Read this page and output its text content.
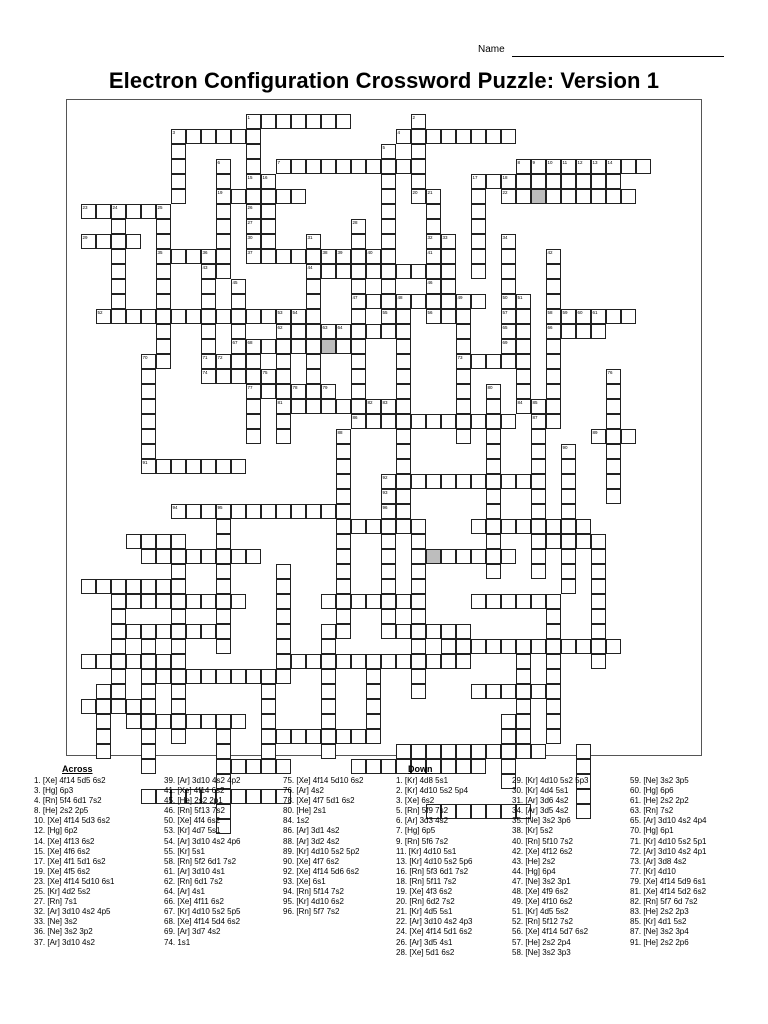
Name
Electron Configuration Crossword Puzzle: Version 1
1	2
3	4
5
6	7	8	9	10 11 12 13 14
15 16	17	18
19	20 21	22
23	24	25	26
27	28
29	30	31	32 33	34
35	36	37	38 39	40	41	42
43	44
45	46
47	48	49	50 51
52	53 54	55	56	57	58 59 60 61
62	63 64	65	66
67 68	69
70	71 72	73
74	75	76
77	78	79	80
81	82 83	84 85
86	87
88	89
90
91
92
93
94	95	96
Across	Down
1. [Xe] 4f14 5d5 6s2
3. [Hg] 6p3
4. [Rn] 5f4 6d1 7s2
8. [He] 2s2 2p5
10. [Xe] 4f14 5d3 6s2
12. [Hg] 6p2
14. [Xe] 4f13 6s2
15. [Xe] 4f6 6s2
17. [Xe] 4f1 5d1 6s2
19. [Xe] 4f5 6s2
23. [Xe] 4f14 5d10 6s1
25. [Kr] 4d2 5s2
27. [Rn] 7s1
32. [Ar] 3d10 4s2 4p5
33. [Ne] 3s2
36. [Ne] 3s2 3p2
37. [Ar] 3d10 4s2
39. [Ar] 3d10 4s2 4p2
41. [Xe] 4f14 6s2
45. [He] 2s2 2p1
46. [Rn] 5f13 7s2
50. [Xe] 4f4 6s2
53. [Kr] 4d7 5s1
54. [Ar] 3d10 4s2 4p6
55. [Kr] 5s1
58. [Rn] 5f2 6d1 7s2
61. [Ar] 3d10 4s1
62. [Rn] 6d1 7s2
64. [Ar] 4s1
66. [Xe] 4f11 6s2
67. [Kr] 4d10 5s2 5p5
68. [Xe] 4f14 5d4 6s2
69. [Ar] 3d7 4s2
74. 1s1
75. [Xe] 4f14 5d10 6s2
76. [Ar] 4s2
78. [Xe] 4f7 5d1 6s2
80. [He] 2s1
84. 1s2
86. [Ar] 3d1 4s2
88. [Ar] 3d2 4s2
89. [Kr] 4d10 5s2 5p2
90. [Xe] 4f7 6s2
92. [Xe] 4f14 5d6 6s2
93. [Xe] 6s1
94. [Rn] 5f14 7s2
95. [Kr] 4d10 6s2
96. [Rn] 5f7 7s2
1. [Kr] 4d8 5s1
2. [Kr] 4d10 5s2 5p4
3. [Xe] 6s2
5. [Rn] 5f9 7s2
6. [Ar] 3d3 4s2
7. [Hg] 6p5
9. [Rn] 5f6 7s2
11. [Kr] 4d10 5s1
13. [Kr] 4d10 5s2 5p6
16. [Rn] 5f3 6d1 7s2
18. [Rn] 5f11 7s2
19. [Xe] 4f3 6s2
20. [Rn] 6d2 7s2
21. [Kr] 4d5 5s1
22. [Ar] 3d10 4s2 4p3
24. [Xe] 4f14 5d1 6s2
26. [Ar] 3d5 4s1
28. [Xe] 5d1 6s2
29. [Kr] 4d10 5s2 5p3
30. [Kr] 4d4 5s1
31. [Ar] 3d6 4s2
34. [Ar] 3d5 4s2
35. [Ne] 3s2 3p6
38. [Kr] 5s2
40. [Rn] 5f10 7s2
42. [Xe] 4f12 6s2
43. [He] 2s2
44. [Hg] 6p4
47. [Ne] 3s2 3p1
48. [Xe] 4f9 6s2
49. [Xe] 4f10 6s2
51. [Kr] 4d5 5s2
52. [Rn] 5f12 7s2
56. [Xe] 4f14 5d7 6s2
57. [He] 2s2 2p4
58. [Ne] 3s2 3p3
59. [Ne] 3s2 3p5
60. [Hg] 6p6
61. [He] 2s2 2p2
63. [Rn] 7s2
65. [Ar] 3d10 4s2 4p4
70. [Hg] 6p1
71. [Kr] 4d10 5s2 5p1
72. [Ar] 3d10 4s2 4p1
73. [Ar] 3d8 4s2
77. [Kr] 4d10
79. [Xe] 4f14 5d9 6s1
81. [Xe] 4f14 5d2 6s2
82. [Rn] 5f7 6d 7s2
83. [He] 2s2 2p3
85. [Kr] 4d1 5s2
87. [Ne] 3s2 3p4
91. [He] 2s2 2p6
